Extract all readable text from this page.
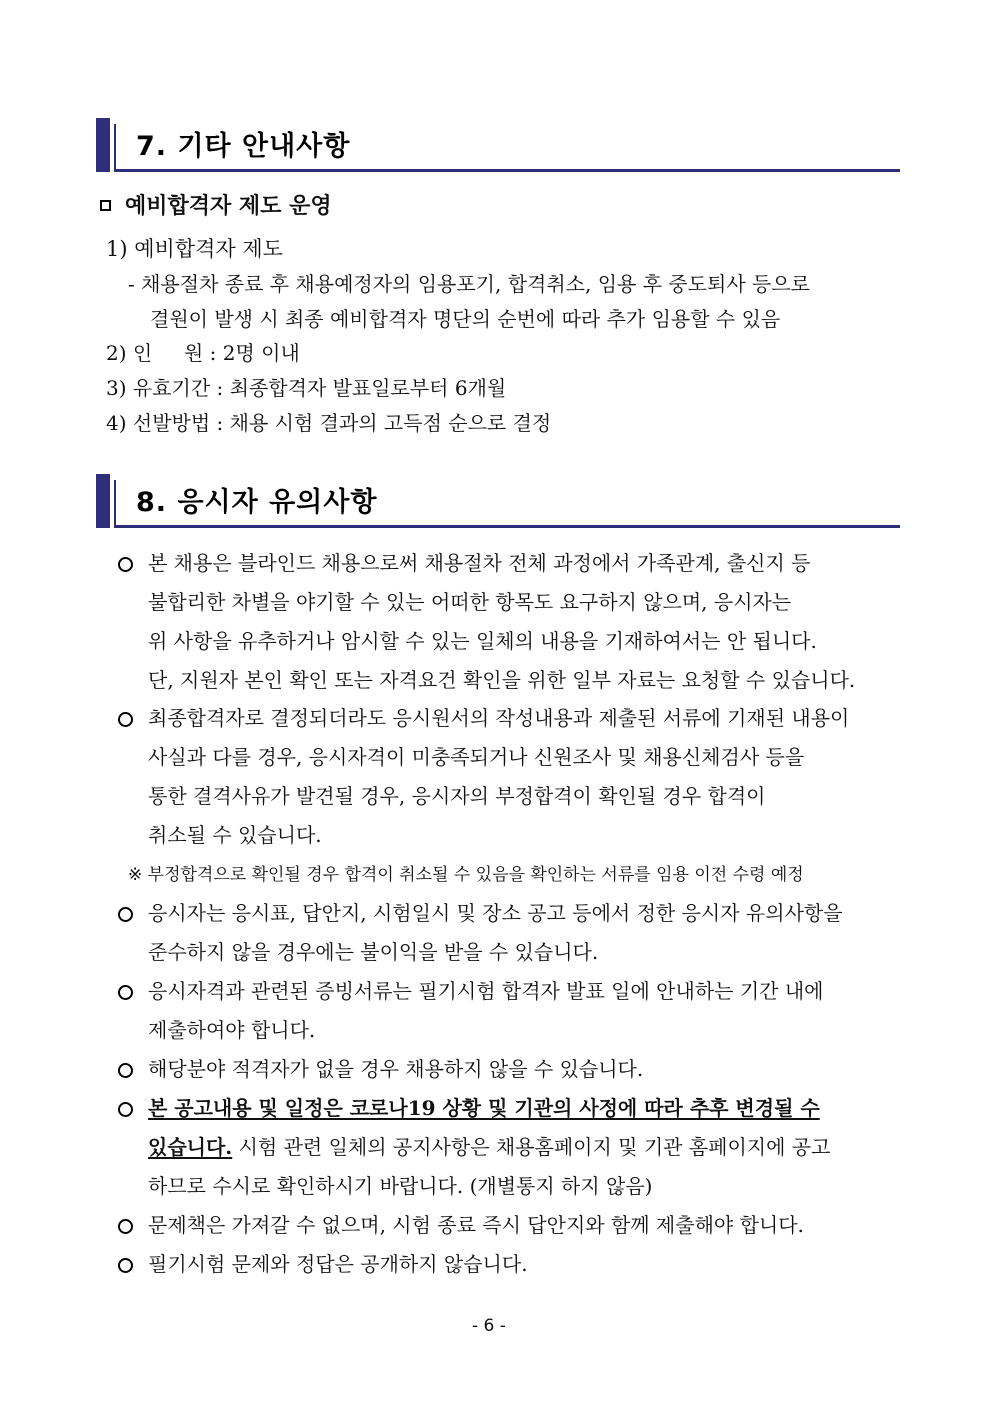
7. 기타 안내사항
예비합격자 제도 운영
1) 예비합격자 제도
- 채용절차 종료 후 채용예정자의 임용포기, 합격취소, 임용 후 중도퇴사 등으로
결원이 발생 시 최종 예비합격자 명단의 순번에 따라 추가 임용할 수 있음
2) 인     원 : 2명 이내
3) 유효기간 : 최종합격자 발표일로부터 6개월
4) 선발방법 : 채용 시험 결과의 고득점 순으로 결정
8. 응시자 유의사항
본 채용은 블라인드 채용으로써 채용절차 전체 과정에서 가족관계, 출신지 등
불합리한 차별을 야기할 수 있는 어떠한 항목도 요구하지 않으며, 응시자는
위 사항을 유추하거나 암시할 수 있는 일체의 내용을 기재하여서는 안 됩니다.
단, 지원자 본인 확인 또는 자격요건 확인을 위한 일부 자료는 요청할 수 있습니다.
최종합격자로 결정되더라도 응시원서의 작성내용과 제출된 서류에 기재된 내용이
사실과 다를 경우, 응시자격이 미충족되거나 신원조사 및 채용신체검사 등을
통한 결격사유가 발견될 경우, 응시자의 부정합격이 확인될 경우 합격이
취소될 수 있습니다.
※ 부정합격으로 확인될 경우 합격이 취소될 수 있음을 확인하는 서류를 임용 이전 수령 예정
응시자는 응시표, 답안지, 시험일시 및 장소 공고 등에서 정한 응시자 유의사항을
준수하지 않을 경우에는 불이익을 받을 수 있습니다.
응시자격과 관련된 증빙서류는 필기시험 합격자 발표 일에 안내하는 기간 내에
제출하여야 합니다.
해당분야 적격자가 없을 경우 채용하지 않을 수 있습니다.
본 공고내용 및 일정은 코로나19 상황 및 기관의 사정에 따라 추후 변경될 수
있습니다. 시험 관련 일체의 공지사항은 채용홈페이지 및 기관 홈페이지에 공고
하므로 수시로 확인하시기 바랍니다. (개별통지 하지 않음)
문제책은 가져갈 수 없으며, 시험 종료 즉시 답안지와 함께 제출해야 합니다.
필기시험 문제와 정답은 공개하지 않습니다.
- 6 -
